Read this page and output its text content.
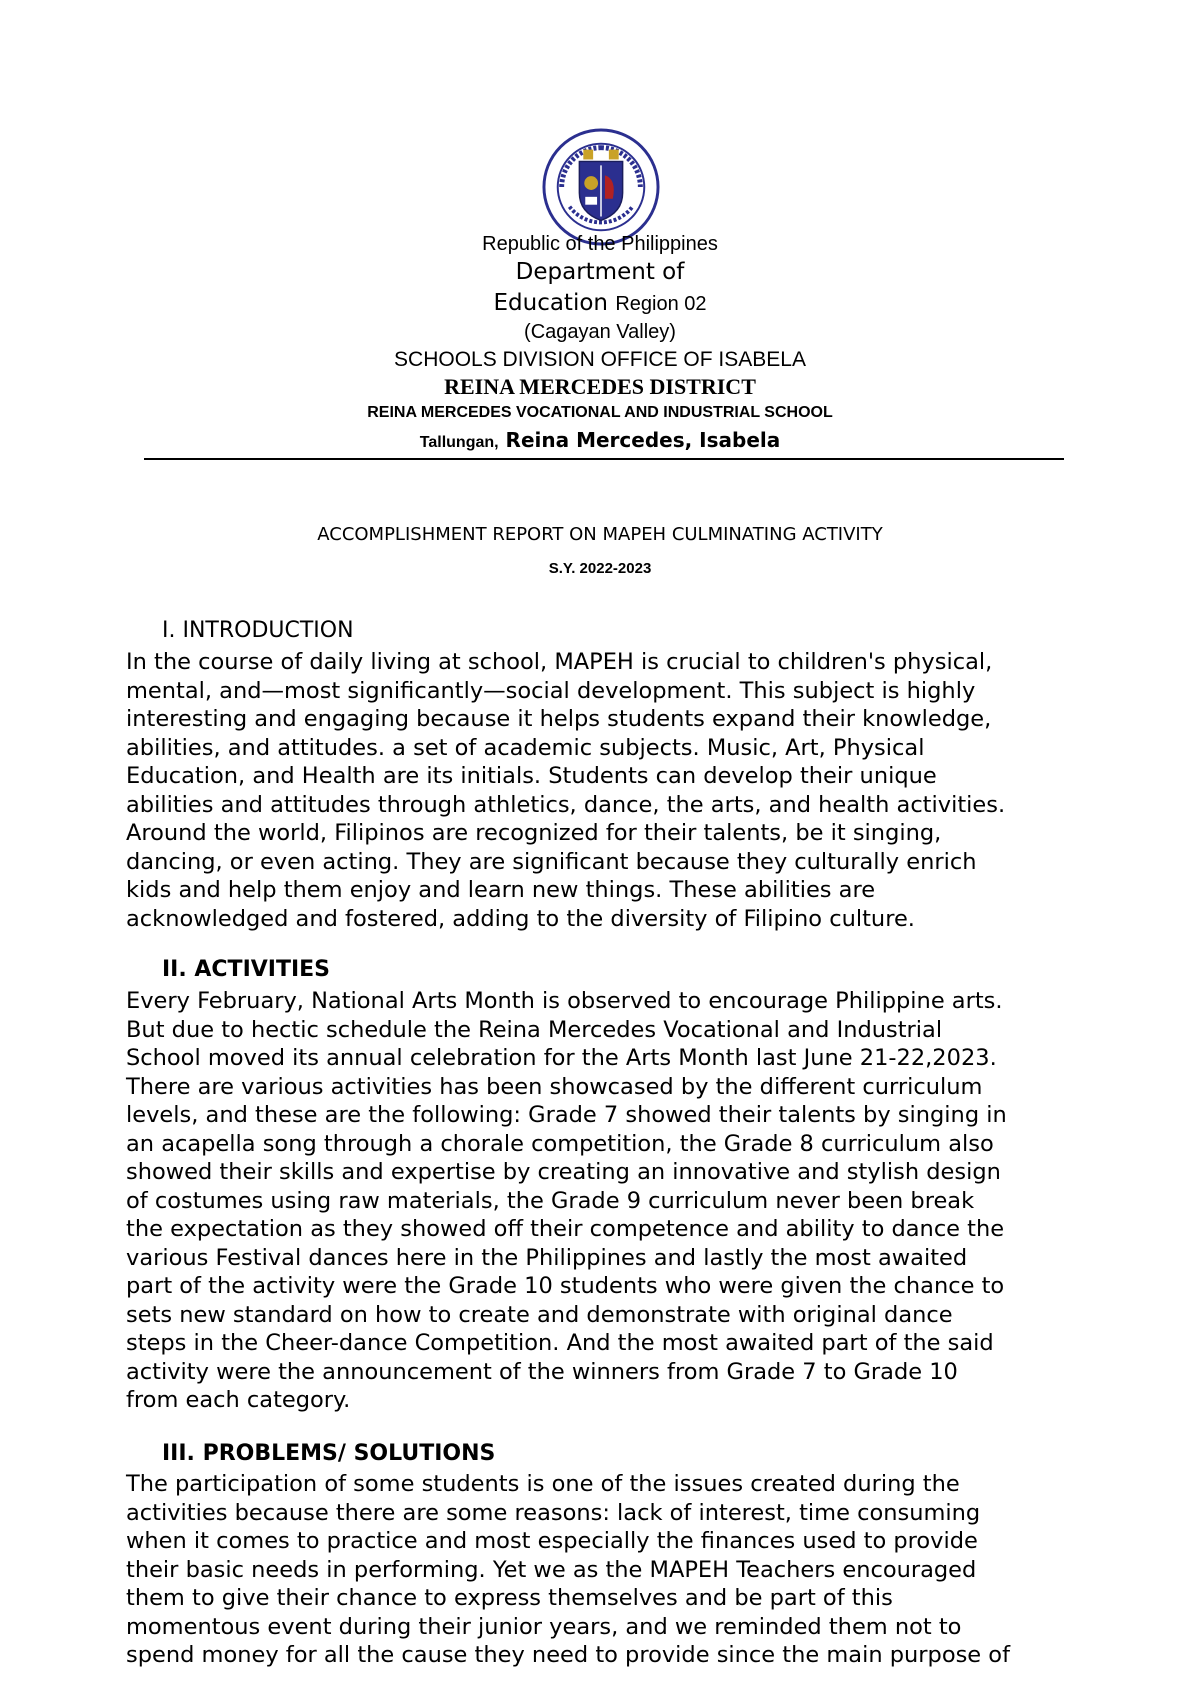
Republic of the Philippines
Department of
Education Region 02
(Cagayan Valley)
SCHOOLS DIVISION OFFICE OF ISABELA
REINA MERCEDES DISTRICT
REINA MERCEDES VOCATIONAL AND INDUSTRIAL SCHOOL
Tallungan, Reina Mercedes, Isabela
ACCOMPLISHMENT REPORT ON MAPEH CULMINATING ACTIVITY
S.Y. 2022-2023
I. INTRODUCTION
In the course of daily living at school, MAPEH is crucial to children's physical,
mental, and—most significantly—social development. This subject is highly
interesting and engaging because it helps students expand their knowledge,
abilities, and attitudes. a set of academic subjects. Music, Art, Physical
Education, and Health are its initials. Students can develop their unique
abilities and attitudes through athletics, dance, the arts, and health activities.
Around the world, Filipinos are recognized for their talents, be it singing,
dancing, or even acting. They are significant because they culturally enrich
kids and help them enjoy and learn new things. These abilities are
acknowledged and fostered, adding to the diversity of Filipino culture.
II. ACTIVITIES
Every February, National Arts Month is observed to encourage Philippine arts.
But due to hectic schedule the Reina Mercedes Vocational and Industrial
School moved its annual celebration for the Arts Month last June 21-22,2023.
There are various activities has been showcased by the different curriculum
levels, and these are the following: Grade 7 showed their talents by singing in
an acapella song through a chorale competition, the Grade 8 curriculum also
showed their skills and expertise by creating an innovative and stylish design
of costumes using raw materials, the Grade 9 curriculum never been break
the expectation as they showed off their competence and ability to dance the
various Festival dances here in the Philippines and lastly the most awaited
part of the activity were the Grade 10 students who were given the chance to
sets new standard on how to create and demonstrate with original dance
steps in the Cheer-dance Competition. And the most awaited part of the said
activity were the announcement of the winners from Grade 7 to Grade 10
from each category.
III. PROBLEMS/ SOLUTIONS
The participation of some students is one of the issues created during the
activities because there are some reasons: lack of interest, time consuming
when it comes to practice and most especially the finances used to provide
their basic needs in performing. Yet we as the MAPEH Teachers encouraged
them to give their chance to express themselves and be part of this
momentous event during their junior years, and we reminded them not to
spend money for all the cause they need to provide since the main purpose of
